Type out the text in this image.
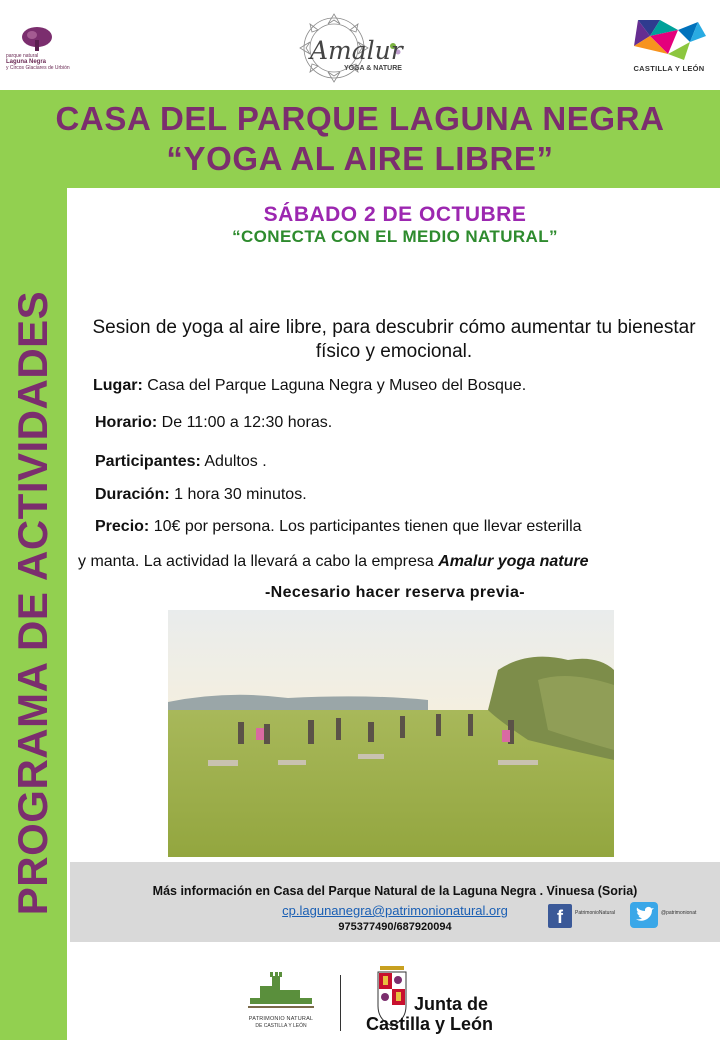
parque natural
Laguna Negra
y Circos Glaciares de Urbión
Amalur
YOGA & NATURE	CASTILLA Y LEÓN
CASA DEL PARQUE LAGUNA NEGRA
“YOGA AL AIRE LIBRE”
PROGRAMA DE ACTIVIDADES
SÁBADO 2 DE OCTUBRE
“CONECTA CON EL MEDIO NATURAL”
Sesion de yoga al aire libre, para descubrir cómo aumentar tu bienestar físico y emocional.
Lugar: Casa del Parque Laguna Negra y Museo del Bosque.
Horario: De 11:00 a 12:30 horas.
Participantes: Adultos .
Duración: 1 hora 30 minutos.
Precio: 10€ por persona. Los participantes tienen que llevar esterilla
y manta. La actividad la llevará a cabo la empresa Amalur yoga nature
-Necesario hacer reserva previa-
Más información en Casa del Parque Natural de la Laguna Negra . Vinuesa (Soria)
cp.lagunanegra@patrimonionatural.org
975377490/687920094	f	PatrimonioNatural	@patrimonionat
PATRIMONIO NATURAL
DE CASTILLA Y LEÓN
Junta de
Castilla y León
